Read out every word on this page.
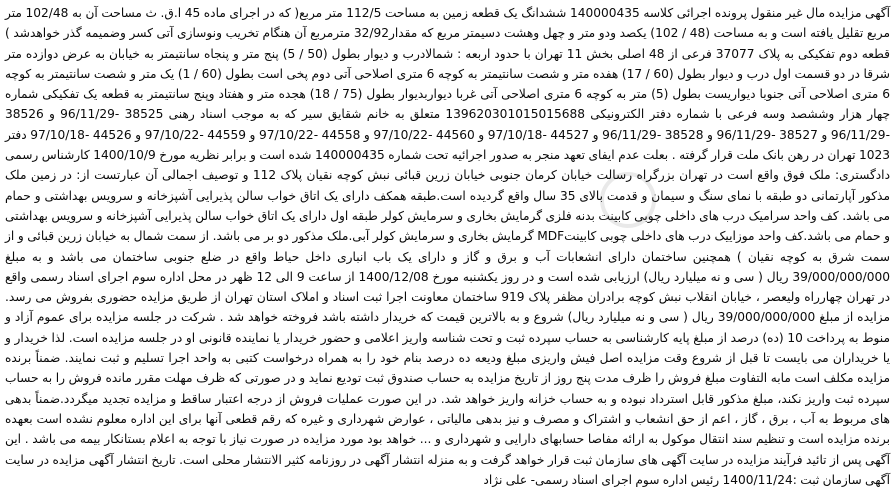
آگهی مزایده مال غیر منقول پرونده اجرائی کلاسه 140000435 ششدانگ یک قطعه زمین به مساحت 112/5 متر مربع( که در اجرای ماده 45 ا.ق. ث مساحت آن به 102/48 متر مربع تقلیل یافته است و به مساحت (48 / 102) یکصد ودو متر و چهل وهشت دسیمتر مربع که مقدار32/92 مترمربع آن هنگام تخریب ونوسازی آتی کسر وضمیمه گذر خواهدشد ) قطعه دوم تفکیکی به پلاک 37077 فرعی از 48 اصلی بخش 11 تهران با حدود اربعه : شمالادرب و دیوار بطول (50 / 5) پنج متر و پنجاه سانتیمتر به خیابان به عرض دوازده متر شرقا در دو قسمت اول درب و دیوار بطول (60 / 17) هفده متر و شصت سانتیمتر به کوچه 6 متری اصلاحی آتی دوم پخی است بطول (60 / 1) یک متر و شصت سانتیمتر به کوچه 6 متری اصلاحی آتی جنوبا دیواریست بطول (5) متر به کوچه 6 متری اصلاحی آتی غربا دیواربدیوار بطول (75 / 18) هجده متر و هفتاد وپنج سانتیمتر به قطعه یک تفکیکی شماره چهار هزار وششصد وسه فرعی با شماره دفتر الکترونیکی 139620301015015688 متعلق به خانم شقایق سیر که به موجب اسناد رهنی 38525 -96/11/29 و 38526 -96/11/29 و 38527 -96/11/29 و 38528 -96/11/29 و 44527 -97/10/18 و 44560 -97/10/22 و 44558 -97/10/22 و 44559 -97/10/22 و 44526 -97/10/18 دفتر 1023 تهران در رهن بانک ملت قرار گرفته . بعلت عدم ایفای تعهد منجر به صدور اجرائیه تحت شماره 140000435 شده است و برابر نظریه مورخ 1400/10/9 کارشناس رسمی دادگستری: ملک فوق واقع است در تهران بزرگراه رسالت خیابان کرمان جنوبی خیابان زرین قبائی نبش کوچه نقیان پلاک 112 و توصیف اجمالی آن عبارتست از: در زمین ملک مذکور آپارتمانی دو طبقه با نمای سنگ و سیمان و قدمت بالای 35 سال واقع گردیده است.طبقه همکف دارای یک اتاق خواب سالن پذیرایی آشپزخانه و سرویس بهداشتی و حمام می باشد. کف واحد سرامیک درب های داخلی چوبی کابینت بدنه فلزی گرمایش بخاری و سرمایش کولر طبقه اول دارای یک اتاق خواب سالن پذیرایی آشپزخانه و سرویس بهداشتی و حمام می باشد.کف واحد موزاییک درب های داخلی چوبی کابینتMDF گرمایش بخاری و سرمایش کولر آبی.ملک مذکور دو بر می باشد. از سمت شمال به خیابان زرین قبائی و از سمت شرق به کوچه نقیان ) همچنین ساختمان دارای انشعابات آب و برق و گاز و دارای یک باب انباری داخل حیاط واقع در ضلع جنوبی ساختمان می باشد و به مبلغ 39/000/000/000 ریال ( سی و نه میلیارد ریال) ارزیابی شده است و در روز یکشنبه مورخ 1400/12/08 از ساعت 9 الی 12 ظهر در محل اداره سوم اجرای اسناد رسمی واقع در تهران چهارراه ولیعصر ، خیابان انقلاب نبش کوچه برادران مظفر پلاک 919 ساختمان معاونت اجرا ثبت اسناد و املاک استان تهران از طریق مزایده حضوری بفروش می رسد. مزایده از مبلغ 39/000/000/000 ریال ( سی و نه میلیارد ریال) شروع و به بالاترین قیمت که خریدار داشته باشد فروخته خواهد شد . شرکت در جلسه مزایده برای عموم آزاد و منوط به پرداخت 10 (ده) درصد از مبلغ پایه کارشناسی به حساب سپرده ثبت و تحت شناسه واریز اعلامی و حضور خریدار یا نماینده قانونی او در جلسه مزایده است. لذا خریدار و یا خریداران می بایست تا قبل از شروع وقت مزایده اصل فیش واریزی مبلغ ودیعه ده درصد بنام خود را به همراه درخواست کتبی به واحد اجرا تسلیم و ثبت نمایند. ضمناً برنده مزایده مکلف است مابه التفاوت مبلغ فروش را ظرف مدت پنج روز از تاریخ مزایده به حساب صندوق ثبت تودیع نماید و در صورتی که ظرف مهلت مقرر مانده فروش را به حساب سپرده ثبت واریز نکند، مبلغ مذکور قابل استرداد نبوده و به حساب خزانه واریز خواهد شد. در این صورت عملیات فروش از درجه اعتبار ساقط و مزایده تجدید میگردد.ضمناً بدهی های مربوط به آب ، برق ، گاز ، اعم از حق انشعاب و اشتراک و مصرف و نیز بدهی مالیاتی ، عوارض شهرداری و غیره که رقم قطعی آنها برای این اداره معلوم نشده است بعهده برنده مزایده است و تنظیم سند انتقال موکول به ارائه مفاصا حسابهای دارایی و شهرداری و ... خواهد بود مورد مزایده در صورت نیاز با توجه به اعلام بستانکار بیمه می باشد . این آگهی پس از تائید فرآیند مزایده در سایت آگهی های سازمان ثبت قرار خواهد گرفت و به منزله انتشار آگهی در روزنامه کثیر الانتشار محلی است. تاریخ انتشار آگهی مزایده در سایت آگهی سازمان ثبت :1400/11/24 رئیس اداره سوم اجرای اسناد رسمی- علی نژاد
